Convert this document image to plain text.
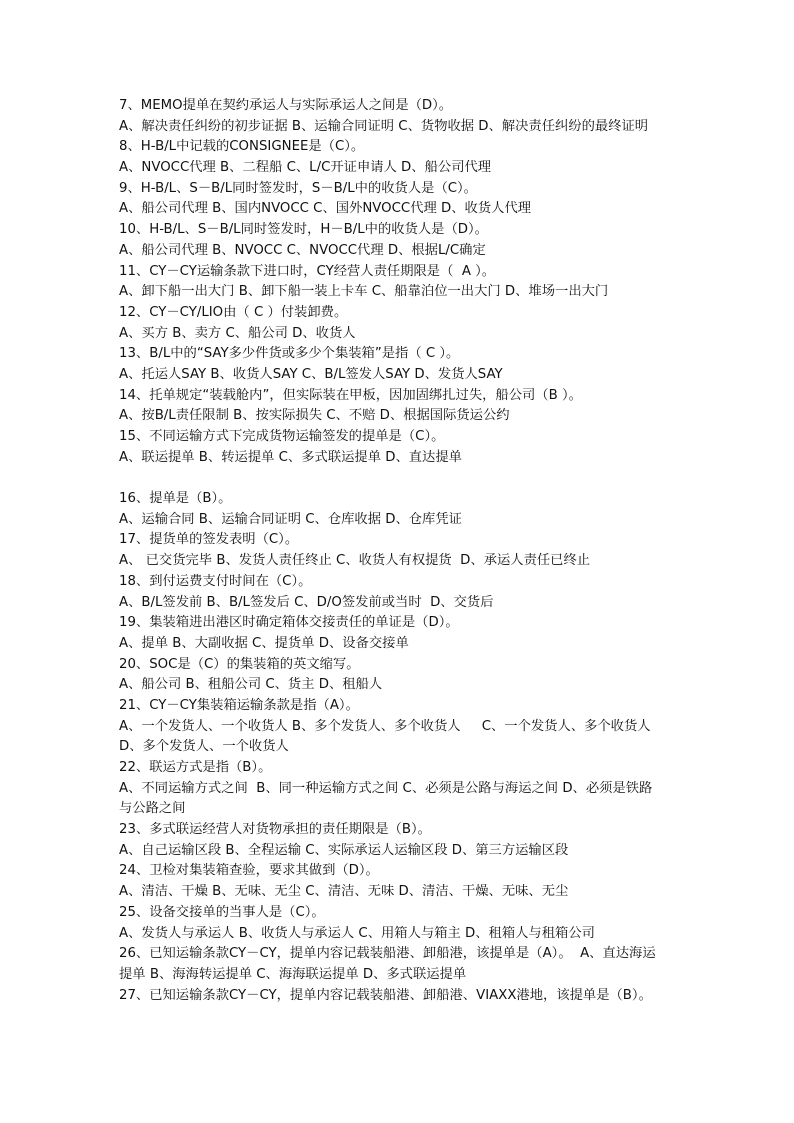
7、MEMO提单在契约承运人与实际承运人之间是（D）。
A、解决责任纠纷的初步证据 B、运输合同证明 C、货物收据 D、解决责任纠纷的最终证明
8、H-B/L中记载的CONSIGNEE是（C）。
A、NVOCC代理 B、二程船 C、L/C开证申请人 D、船公司代理
9、H-B/L、S－B/L同时签发时，S－B/L中的收货人是（C）。
A、船公司代理 B、国内NVOCC C、国外NVOCC代理 D、收货人代理
10、H-B/L、S－B/L同时签发时，H－B/L中的收货人是（D）。
A、船公司代理 B、NVOCC C、NVOCC代理 D、根据L/C确定
11、CY－CY运输条款下进口时，CY经营人责任期限是（  A ）。
A、卸下船一出大门 B、卸下船一装上卡车 C、船靠泊位一出大门 D、堆场一出大门
12、CY－CY/LIO由（ C ）付装卸费。
A、买方 B、卖方 C、船公司 D、收货人
13、B/L中的“SAY多少件货或多少个集装箱”是指（ C ）。
A、托运人SAY B、收货人SAY C、B/L签发人SAY D、发货人SAY
14、托单规定“装载舱内”，但实际装在甲板，因加固绑扎过失，船公司（B ）。
A、按B/L责任限制 B、按实际损失 C、不赔 D、根据国际货运公约
15、不同运输方式下完成货物运输签发的提单是（C）。
A、联运提单 B、转运提单 C、多式联运提单 D、直达提单
16、提单是（B）。
A、运输合同 B、运输合同证明 C、仓库收据 D、仓库凭证
17、提货单的签发表明（C）。
A、 已交货完毕 B、发货人责任终止 C、收货人有权提货  D、承运人责任已终止
18、到付运费支付时间在（C）。
A、B/L签发前 B、B/L签发后 C、D/O签发前或当时  D、交货后
19、集装箱进出港区时确定箱体交接责任的单证是（D）。
A、提单 B、大副收据 C、提货单 D、设备交接单
20、SOC是（C）的集装箱的英文缩写。
A、船公司 B、租船公司 C、货主 D、租船人
21、CY－CY集装箱运输条款是指（A）。
A、一个发货人、一个收货人 B、多个发货人、多个收货人     C、一个发货人、多个收货人
D、多个发货人、一个收货人
22、联运方式是指（B）。
A、不同运输方式之间  B、同一种运输方式之间 C、必须是公路与海运之间 D、必须是铁路
与公路之间
23、多式联运经营人对货物承担的责任期限是（B）。
A、自己运输区段 B、全程运输 C、实际承运人运输区段 D、第三方运输区段
24、卫检对集装箱查验，要求其做到（D）。
A、清洁、干燥 B、无味、无尘 C、清洁、无味 D、清洁、干燥、无味、无尘
25、设备交接单的当事人是（C）。
A、发货人与承运人 B、收货人与承运人 C、用箱人与箱主 D、租箱人与租箱公司
26、已知运输条款CY－CY，提单内容记载装船港、卸船港，该提单是（A）。  A、直达海运
提单 B、海海转运提单 C、海海联运提单 D、多式联运提单
27、已知运输条款CY－CY，提单内容记载装船港、卸船港、VIAXX港地，该提单是（B）。
